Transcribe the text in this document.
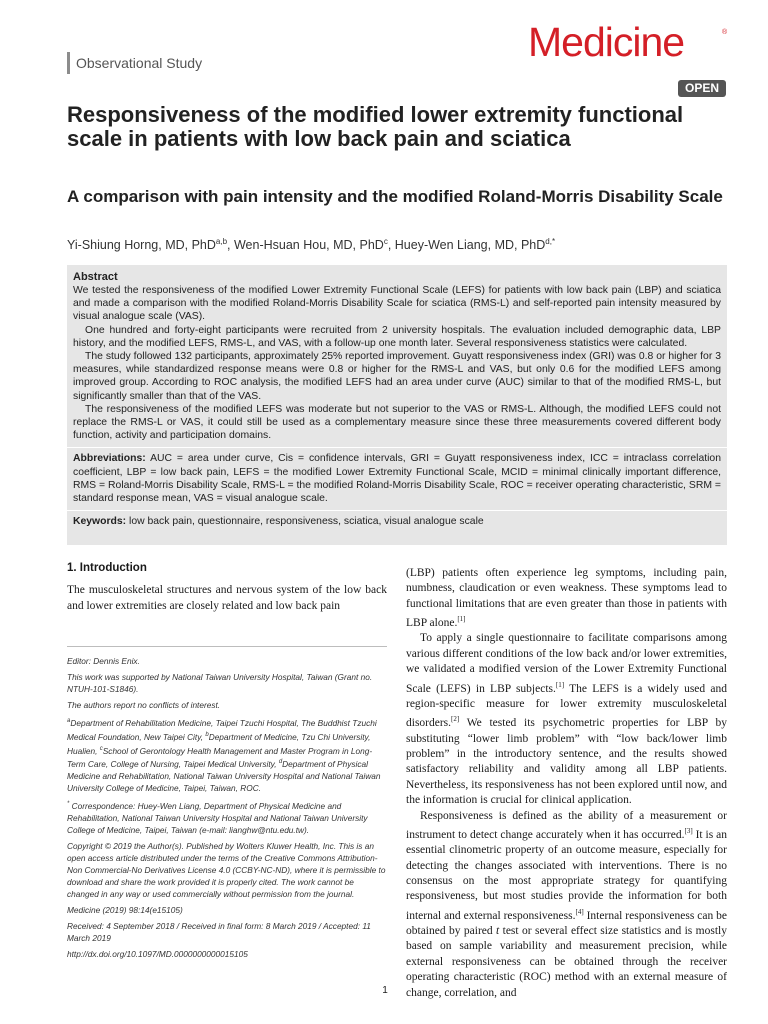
Observational Study	Medicine	®
OPEN
Responsiveness of the modified lower extremity functional scale in patients with low back pain and sciatica
A comparison with pain intensity and the modified Roland-Morris Disability Scale
Yi-Shiung Horng, MD, PhD$^{a,b}$, Wen-Hsuan Hou, MD, PhD$^c$, Huey-Wen Liang, MD, PhD$^{d,*}$
Abstract

We tested the responsiveness of the modified Lower Extremity Functional Scale (LEFS) for patients with low back pain (LBP) and sciatica and made a comparison with the modified Roland-Morris Disability Scale for sciatica (RMS-L) and self-reported pain intensity measured by visual analogue scale (VAS).

One hundred and forty-eight participants were recruited from 2 university hospitals. The evaluation included demographic data, LBP history, and the modified LEFS, RMS-L, and VAS, with a follow-up one month later. Several responsiveness statistics were calculated.

The study followed 132 participants, approximately 25% reported improvement. Guyatt responsiveness index (GRI) was 0.8 or higher for 3 measures, while standardized response means were 0.8 or higher for the RMS-L and VAS, but only 0.6 for the modified LEFS among improved group. According to ROC analysis, the modified LEFS had an area under curve (AUC) similar to that of the modified RMS-L, but significantly smaller than that of the VAS.

The responsiveness of the modified LEFS was moderate but not superior to the VAS or RMS-L. Although, the modified LEFS could not replace the RMS-L or VAS, it could still be used as a complementary measure since these three measurements covered different body function, activity and participation domains.

Abbreviations: AUC = area under curve, Cis = confidence intervals, GRI = Guyatt responsiveness index, ICC = intraclass correlation coefficient, LBP = low back pain, LEFS = the modified Lower Extremity Functional Scale, MCID = minimal clinically important difference, RMS = Roland-Morris Disability Scale, RMS-L = the modified Roland-Morris Disability Scale, ROC = receiver operating characteristic, SRM = standard response mean, VAS = visual analogue scale.

Keywords: low back pain, questionnaire, responsiveness, sciatica, visual analogue scale

1. Introduction

The musculoskeletal structures and nervous system of the low back and lower extremities are closely related and low back pain

Editor: Dennis Enix.

This work was supported by National Taiwan University Hospital, Taiwan (Grant no. NTUH-101-S1846).

The authors report no conflicts of interest.

$^a$Department of Rehabilitation Medicine, Taipei Tzuchi Hospital, The Buddhist Tzuchi Medical Foundation, New Taipei City, $^b$Department of Medicine, Tzu Chi University, Hualien, $^c$School of Gerontology Health Management and Master Program in Long-Term Care, College of Nursing, Taipei Medical University, $^d$Department of Physical Medicine and Rehabilitation, National Taiwan University Hospital and National Taiwan University College of Medicine, Taipei, Taiwan, ROC.

* Correspondence: Huey-Wen Liang, Department of Physical Medicine and Rehabilitation, National Taiwan University Hospital and National Taiwan University College of Medicine, Taipei, Taiwan (e-mail: lianghw@ntu.edu.tw).

Copyright © 2019 the Author(s). Published by Wolters Kluwer Health, Inc. This is an open access article distributed under the terms of the Creative Commons Attribution-Non Commercial-No Derivatives License 4.0 (CCBY-NC-ND), where it is permissible to download and share the work provided it is properly cited. The work cannot be changed in any way or used commercially without permission from the journal.

Medicine (2019) 98:14(e15105)

Received: 4 September 2018 / Received in final form: 8 March 2019 / Accepted: 11 March 2019

http://dx.doi.org/10.1097/MD.0000000000015105

(LBP) patients often experience leg symptoms, including pain, numbness, claudication or even weakness. These symptoms lead to functional limitations that are even greater than those in patients with LBP alone.[1]

To apply a single questionnaire to facilitate comparisons among various different conditions of the low back and/or lower extremities, we validated a modified version of the Lower Extremity Functional Scale (LEFS) in LBP subjects.[1] The LEFS is a widely used and region-specific measure for lower extremity musculoskeletal disorders.[2] We tested its psychometric properties for LBP by substituting “lower limb problem” with “low back/lower limb problem” in the introductory sentence, and the results showed satisfactory reliability and validity among all LBP patients. Nevertheless, its responsiveness has not been explored until now, and the information is crucial for clinical application.

Responsiveness is defined as the ability of a measurement or instrument to detect change accurately when it has occurred.[3] It is an essential clinometric property of an outcome measure, especially for detecting the changes associated with interventions. There is no consensus on the most appropriate strategy for quantifying responsiveness, but most studies provide the information for both internal and external responsiveness.[4] Internal responsiveness can be obtained by paired t test or several effect size statistics and is mostly based on sample variability and measurement precision, while external responsiveness can be obtained through the receiver operating characteristic (ROC) method with an external measure of change, correlation, and

1
